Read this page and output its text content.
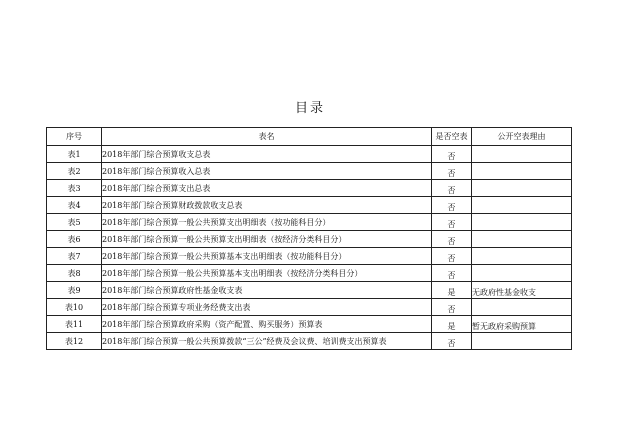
目录
序号	表名	是否空表	公开空表理由
表1	2018年部门综合预算收支总表	否	
表2	2018年部门综合预算收入总表	否	
表3	2018年部门综合预算支出总表	否	
表4	2018年部门综合预算财政拨款收支总表	否	
表5	2018年部门综合预算一般公共预算支出明细表（按功能科目分）	否	
表6	2018年部门综合预算一般公共预算支出明细表（按经济分类科目分）	否	
表7	2018年部门综合预算一般公共预算基本支出明细表（按功能科目分）	否	
表8	2018年部门综合预算一般公共预算基本支出明细表（按经济分类科目分）	否	
表9	2018年部门综合预算政府性基金收支表	是	无政府性基金收支
表10	2018年部门综合预算专项业务经费支出表	否	
表11	2018年部门综合预算政府采购（资产配置、购买服务）预算表	是	暂无政府采购预算
表12	2018年部门综合预算一般公共预算拨款“三公”经费及会议费、培训费支出预算表	否	
